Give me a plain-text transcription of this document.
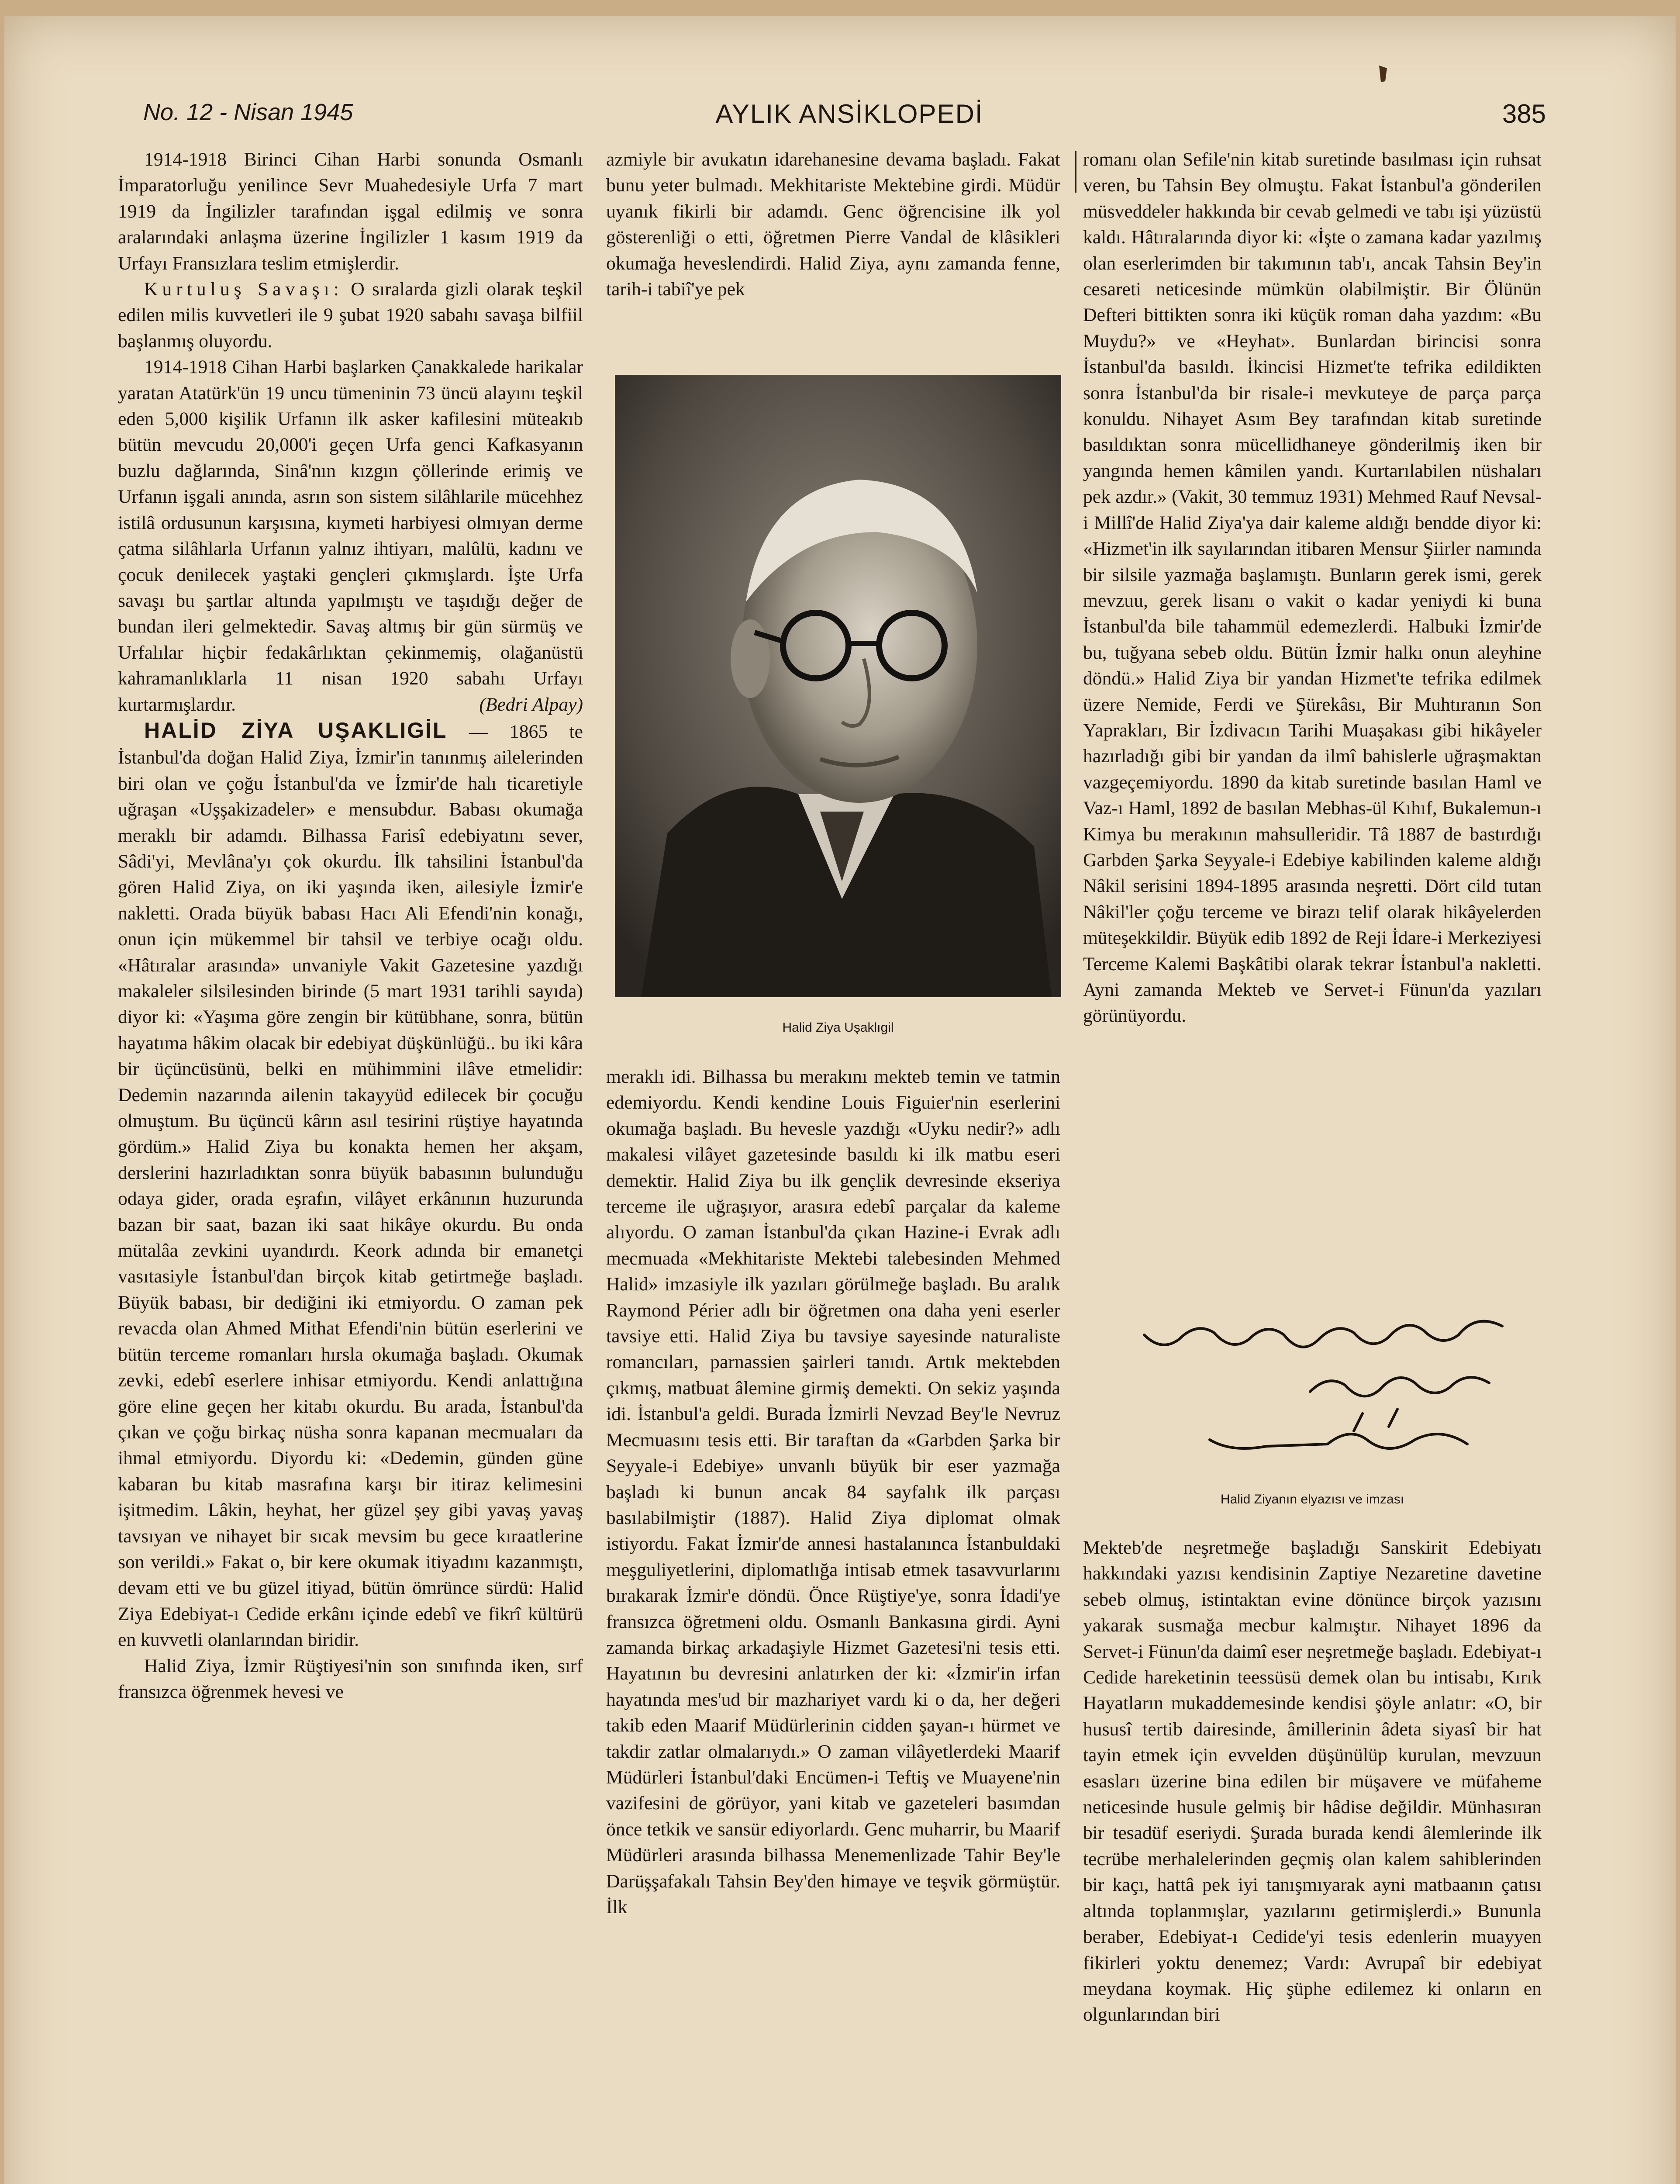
No. 12 - Nisan 1945	AYLIK ANSİKLOPEDİ	385

1914-1918 Birinci Cihan Harbi sonunda Osmanlı İmparatorluğu yenilince Sevr Muahedesiyle Urfa 7 mart 1919 da İngilizler tarafından işgal edilmiş ve sonra aralarındaki anlaşma üzerine İngilizler 1 kasım 1919 da Urfayı Fransızlara teslim etmişlerdir.

Kurtuluş Savaşı: O sıralarda gizli olarak teşkil edilen milis kuvvetleri ile 9 şubat 1920 sabahı savaşa bilfiil başlanmış oluyordu.

1914-1918 Cihan Harbi başlarken Çanakkalede harikalar yaratan Atatürk'ün 19 uncu tümeninin 73 üncü alayını teşkil eden 5,000 kişilik Urfanın ilk asker kafilesini müteakıb bütün mevcudu 20,000'i geçen Urfa genci Kafkasyanın buzlu dağlarında, Sinâ'nın kızgın çöllerinde erimiş ve Urfanın işgali anında, asrın son sistem silâhlarile mücehhez istilâ ordusunun karşısına, kıymeti harbiyesi olmıyan derme çatma silâhlarla Urfanın yalnız ihtiyarı, malûlü, kadını ve çocuk denilecek yaştaki gençleri çıkmışlardı. İşte Urfa savaşı bu şartlar altında yapılmıştı ve taşıdığı değer de bundan ileri gelmektedir. Savaş altmış bir gün sürmüş ve Urfalılar hiçbir fedakârlıktan çekinmemiş, olağanüstü kahramanlıklarla 11 nisan 1920 sabahı Urfayı kurtarmışlardır.	(Bedri Alpay)

HALİD ZİYA UŞAKLIGİL — 1865 te İstanbul'da doğan Halid Ziya, İzmir'in tanınmış ailelerinden biri olan ve çoğu İstanbul'da ve İzmir'de halı ticaretiyle uğraşan «Uşşakizadeler» e mensubdur. Babası okumağa meraklı bir adamdı. Bilhassa Farisî edebiyatını sever, Sâdi'yi, Mevlâna'yı çok okurdu. İlk tahsilini İstanbul'da gören Halid Ziya, on iki yaşında iken, ailesiyle İzmir'e nakletti. Orada büyük babası Hacı Ali Efendi'nin konağı, onun için mükemmel bir tahsil ve terbiye ocağı oldu. «Hâtıralar arasında» unvaniyle Vakit Gazetesine yazdığı makaleler silsilesinden birinde (5 mart 1931 tarihli sayıda) diyor ki: «Yaşıma göre zengin bir kütübhane, sonra, bütün hayatıma hâkim olacak bir edebiyat düşkünlüğü.. bu iki kâra bir üçüncüsünü, belki en mühimmini ilâve etmelidir: Dedemin nazarında ailenin takayyüd edilecek bir çocuğu olmuştum. Bu üçüncü kârın asıl tesirini rüştiye hayatında gördüm.» Halid Ziya bu konakta hemen her akşam, derslerini hazırladıktan sonra büyük babasının bulunduğu odaya gider, orada eşrafın, vilâyet erkânının huzurunda bazan bir saat, bazan iki saat hikâye okurdu. Bu onda mütalâa zevkini uyandırdı. Keork adında bir emanetçi vasıtasiyle İstanbul'dan birçok kitab getirtmeğe başladı. Büyük babası, bir dediğini iki etmiyordu. O zaman pek revacda olan Ahmed Mithat Efendi'nin bütün eserlerini ve bütün terceme romanları hırsla okumağa başladı. Okumak zevki, edebî eserlere inhisar etmiyordu. Kendi anlattığına göre eline geçen her kitabı okurdu. Bu arada, İstanbul'da çıkan ve çoğu birkaç nüsha sonra kapanan mecmuaları da ihmal etmiyordu. Diyordu ki: «Dedemin, günden güne kabaran bu kitab masrafına karşı bir itiraz kelimesini işitmedim. Lâkin, heyhat, her güzel şey gibi yavaş yavaş tavsıyan ve nihayet bir sıcak mevsim bu gece kıraatlerine son verildi.» Fakat o, bir kere okumak itiyadını kazanmıştı, devam etti ve bu güzel itiyad, bütün ömrünce sürdü: Halid Ziya Edebiyat-ı Cedide erkânı içinde edebî ve fikrî kültürü en kuvvetli olanlarından biridir.

Halid Ziya, İzmir Rüştiyesi'nin son sınıfında iken, sırf fransızca öğrenmek hevesi ve

azmiyle bir avukatın idarehanesine devama başladı. Fakat bunu yeter bulmadı. Mekhitariste Mektebine girdi. Müdür uyanık fikirli bir adamdı. Genc öğrencisine ilk yol gösterenliği o etti, öğretmen Pierre Vandal de klâsikleri okumağa heveslendirdi. Halid Ziya, aynı zamanda fenne, tarih-i tabiî'ye pek

Halid Ziya Uşaklıgil

meraklı idi. Bilhassa bu merakını mekteb temin ve tatmin edemiyordu. Kendi kendine Louis Figuier'nin eserlerini okumağa başladı. Bu hevesle yazdığı «Uyku nedir?» adlı makalesi vilâyet gazetesinde basıldı ki ilk matbu eseri demektir. Halid Ziya bu ilk gençlik devresinde ekseriya terceme ile uğraşıyor, arasıra edebî parçalar da kaleme alıyordu. O zaman İstanbul'da çıkan Hazine-i Evrak adlı mecmuada «Mekhitariste Mektebi talebesinden Mehmed Halid» imzasiyle ilk yazıları görülmeğe başladı. Bu aralık Raymond Périer adlı bir öğretmen ona daha yeni eserler tavsiye etti. Halid Ziya bu tavsiye sayesinde naturaliste romancıları, parnassien şairleri tanıdı. Artık mektebden çıkmış, matbuat âlemine girmiş demekti. On sekiz yaşında idi. İstanbul'a geldi. Burada İzmirli Nevzad Bey'le Nevruz Mecmuasını tesis etti. Bir taraftan da «Garbden Şarka bir Seyyale-i Edebiye» unvanlı büyük bir eser yazmağa başladı ki bunun ancak 84 sayfalık ilk parçası basılabilmiştir (1887). Halid Ziya diplomat olmak istiyordu. Fakat İzmir'de annesi hastalanınca İstanbuldaki meşguliyetlerini, diplomatlığa intisab etmek tasavvurlarını bırakarak İzmir'e döndü. Önce Rüştiye'ye, sonra İdadi'ye fransızca öğretmeni oldu. Osmanlı Bankasına girdi. Ayni zamanda birkaç arkadaşiyle Hizmet Gazetesi'ni tesis etti. Hayatının bu devresini anlatırken der ki: «İzmir'in irfan hayatında mes'ud bir mazhariyet vardı ki o da, her değeri takib eden Maarif Müdürlerinin cidden şayan-ı hürmet ve takdir zatlar olmalarıydı.» O zaman vilâyetlerdeki Maarif Müdürleri İstanbul'daki Encümen-i Teftiş ve Muayene'nin vazifesini de görüyor, yani kitab ve gazeteleri basımdan önce tetkik ve sansür ediyorlardı. Genc muharrir, bu Maarif Müdürleri arasında bilhassa Menemenlizade Tahir Bey'le Darüşşafakalı Tahsin Bey'den himaye ve teşvik görmüştür. İlk

romanı olan Sefile'nin kitab suretinde basılması için ruhsat veren, bu Tahsin Bey olmuştu. Fakat İstanbul'a gönderilen müsveddeler hakkında bir cevab gelmedi ve tabı işi yüzüstü kaldı. Hâtıralarında diyor ki: «İşte o zamana kadar yazılmış olan eserlerimden bir takımının tab'ı, ancak Tahsin Bey'in cesareti neticesinde mümkün olabilmiştir. Bir Ölünün Defteri bittikten sonra iki küçük roman daha yazdım: «Bu Muydu?» ve «Heyhat». Bunlardan birincisi sonra İstanbul'da basıldı. İkincisi Hizmet'te tefrika edildikten sonra İstanbul'da bir risale-i mevkuteye de parça parça konuldu. Nihayet Asım Bey tarafından kitab suretinde basıldıktan sonra mücellidhaneye gönderilmiş iken bir yangında hemen kâmilen yandı. Kurtarılabilen nüshaları pek azdır.» (Vakit, 30 temmuz 1931) Mehmed Rauf Nevsal-i Millî'de Halid Ziya'ya dair kaleme aldığı bendde diyor ki: «Hizmet'in ilk sayılarından itibaren Mensur Şiirler namında bir silsile yazmağa başlamıştı. Bunların gerek ismi, gerek mevzuu, gerek lisanı o vakit o kadar yeniydi ki buna İstanbul'da bile tahammül edemezlerdi. Halbuki İzmir'de bu, tuğyana sebeb oldu. Bütün İzmir halkı onun aleyhine döndü.» Halid Ziya bir yandan Hizmet'te tefrika edilmek üzere Nemide, Ferdi ve Şürekâsı, Bir Muhtıranın Son Yaprakları, Bir İzdivacın Tarihi Muaşakası gibi hikâyeler hazırladığı gibi bir yandan da ilmî bahislerle uğraşmaktan vazgeçemiyordu. 1890 da kitab suretinde basılan Haml ve Vaz-ı Haml, 1892 de basılan Mebhas-ül Kıhıf, Bukalemun-ı Kimya bu merakının mahsulleridir. Tâ 1887 de bastırdığı Garbden Şarka Seyyale-i Edebiye kabilinden kaleme aldığı Nâkil serisini 1894-1895 arasında neşretti. Dört cild tutan Nâkil'ler çoğu terceme ve birazı telif olarak hikâyelerden müteşekkildir. Büyük edib 1892 de Reji İdare-i Merkeziyesi Terceme Kalemi Başkâtibi olarak tekrar İstanbul'a nakletti. Ayni zamanda Mekteb ve Servet-i Fünun'da yazıları görünüyordu.

Halid Ziyanın elyazısı ve imzası

Mekteb'de neşretmeğe başladığı Sanskirit Edebiyatı hakkındaki yazısı kendisinin Zaptiye Nezaretine davetine sebeb olmuş, istintaktan evine dönünce birçok yazısını yakarak susmağa mecbur kalmıştır. Nihayet 1896 da Servet-i Fünun'da daimî eser neşretmeğe başladı. Edebiyat-ı Cedide hareketinin teessüsü demek olan bu intisabı, Kırık Hayatların mukaddemesinde kendisi şöyle anlatır: «O, bir hususî tertib dairesinde, âmillerinin âdeta siyasî bir hat tayin etmek için evvelden düşünülüp kurulan, mevzuun esasları üzerine bina edilen bir müşavere ve müfaheme neticesinde husule gelmiş bir hâdise değildir. Münhasıran bir tesadüf eseriydi. Şurada burada kendi âlemlerinde ilk tecrübe merhalelerinden geçmiş olan kalem sahiblerinden bir kaçı, hattâ pek iyi tanışmıyarak ayni matbaanın çatısı altında toplanmışlar, yazılarını getirmişlerdi.» Bununla beraber, Edebiyat-ı Cedide'yi tesis edenlerin muayyen fikirleri yoktu denemez; Vardı: Avrupaî bir edebiyat meydana koymak. Hiç şüphe edilemez ki onların en olgunlarından biri
